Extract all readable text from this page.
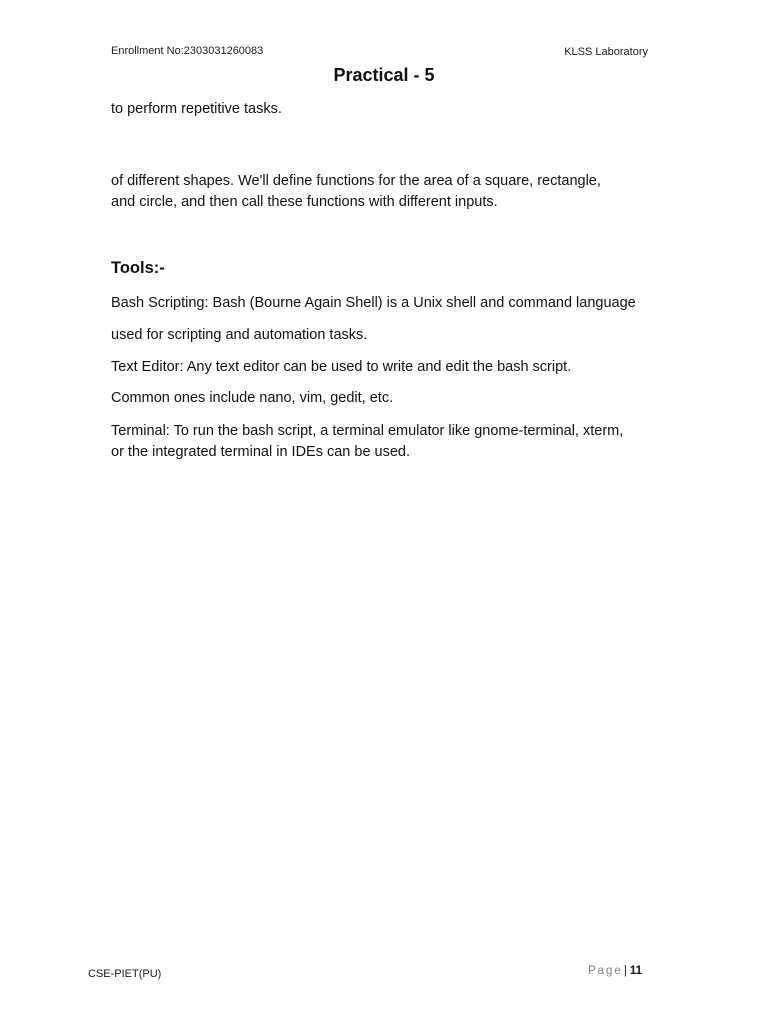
Enrollment No:2303031260083	KLSS Laboratory
Practical - 5

to perform repetitive tasks.

of different shapes. We'll define functions for the area of a square, rectangle,
and circle, and then call these functions with different inputs.

Tools:-

Bash Scripting: Bash (Bourne Again Shell) is a Unix shell and command language

used for scripting and automation tasks.

Text Editor: Any text editor can be used to write and edit the bash script.

Common ones include nano, vim, gedit, etc.

Terminal: To run the bash script, a terminal emulator like gnome-terminal, xterm,
or the integrated terminal in IDEs can be used.

CSE-PIET(PU)	Page| 11
